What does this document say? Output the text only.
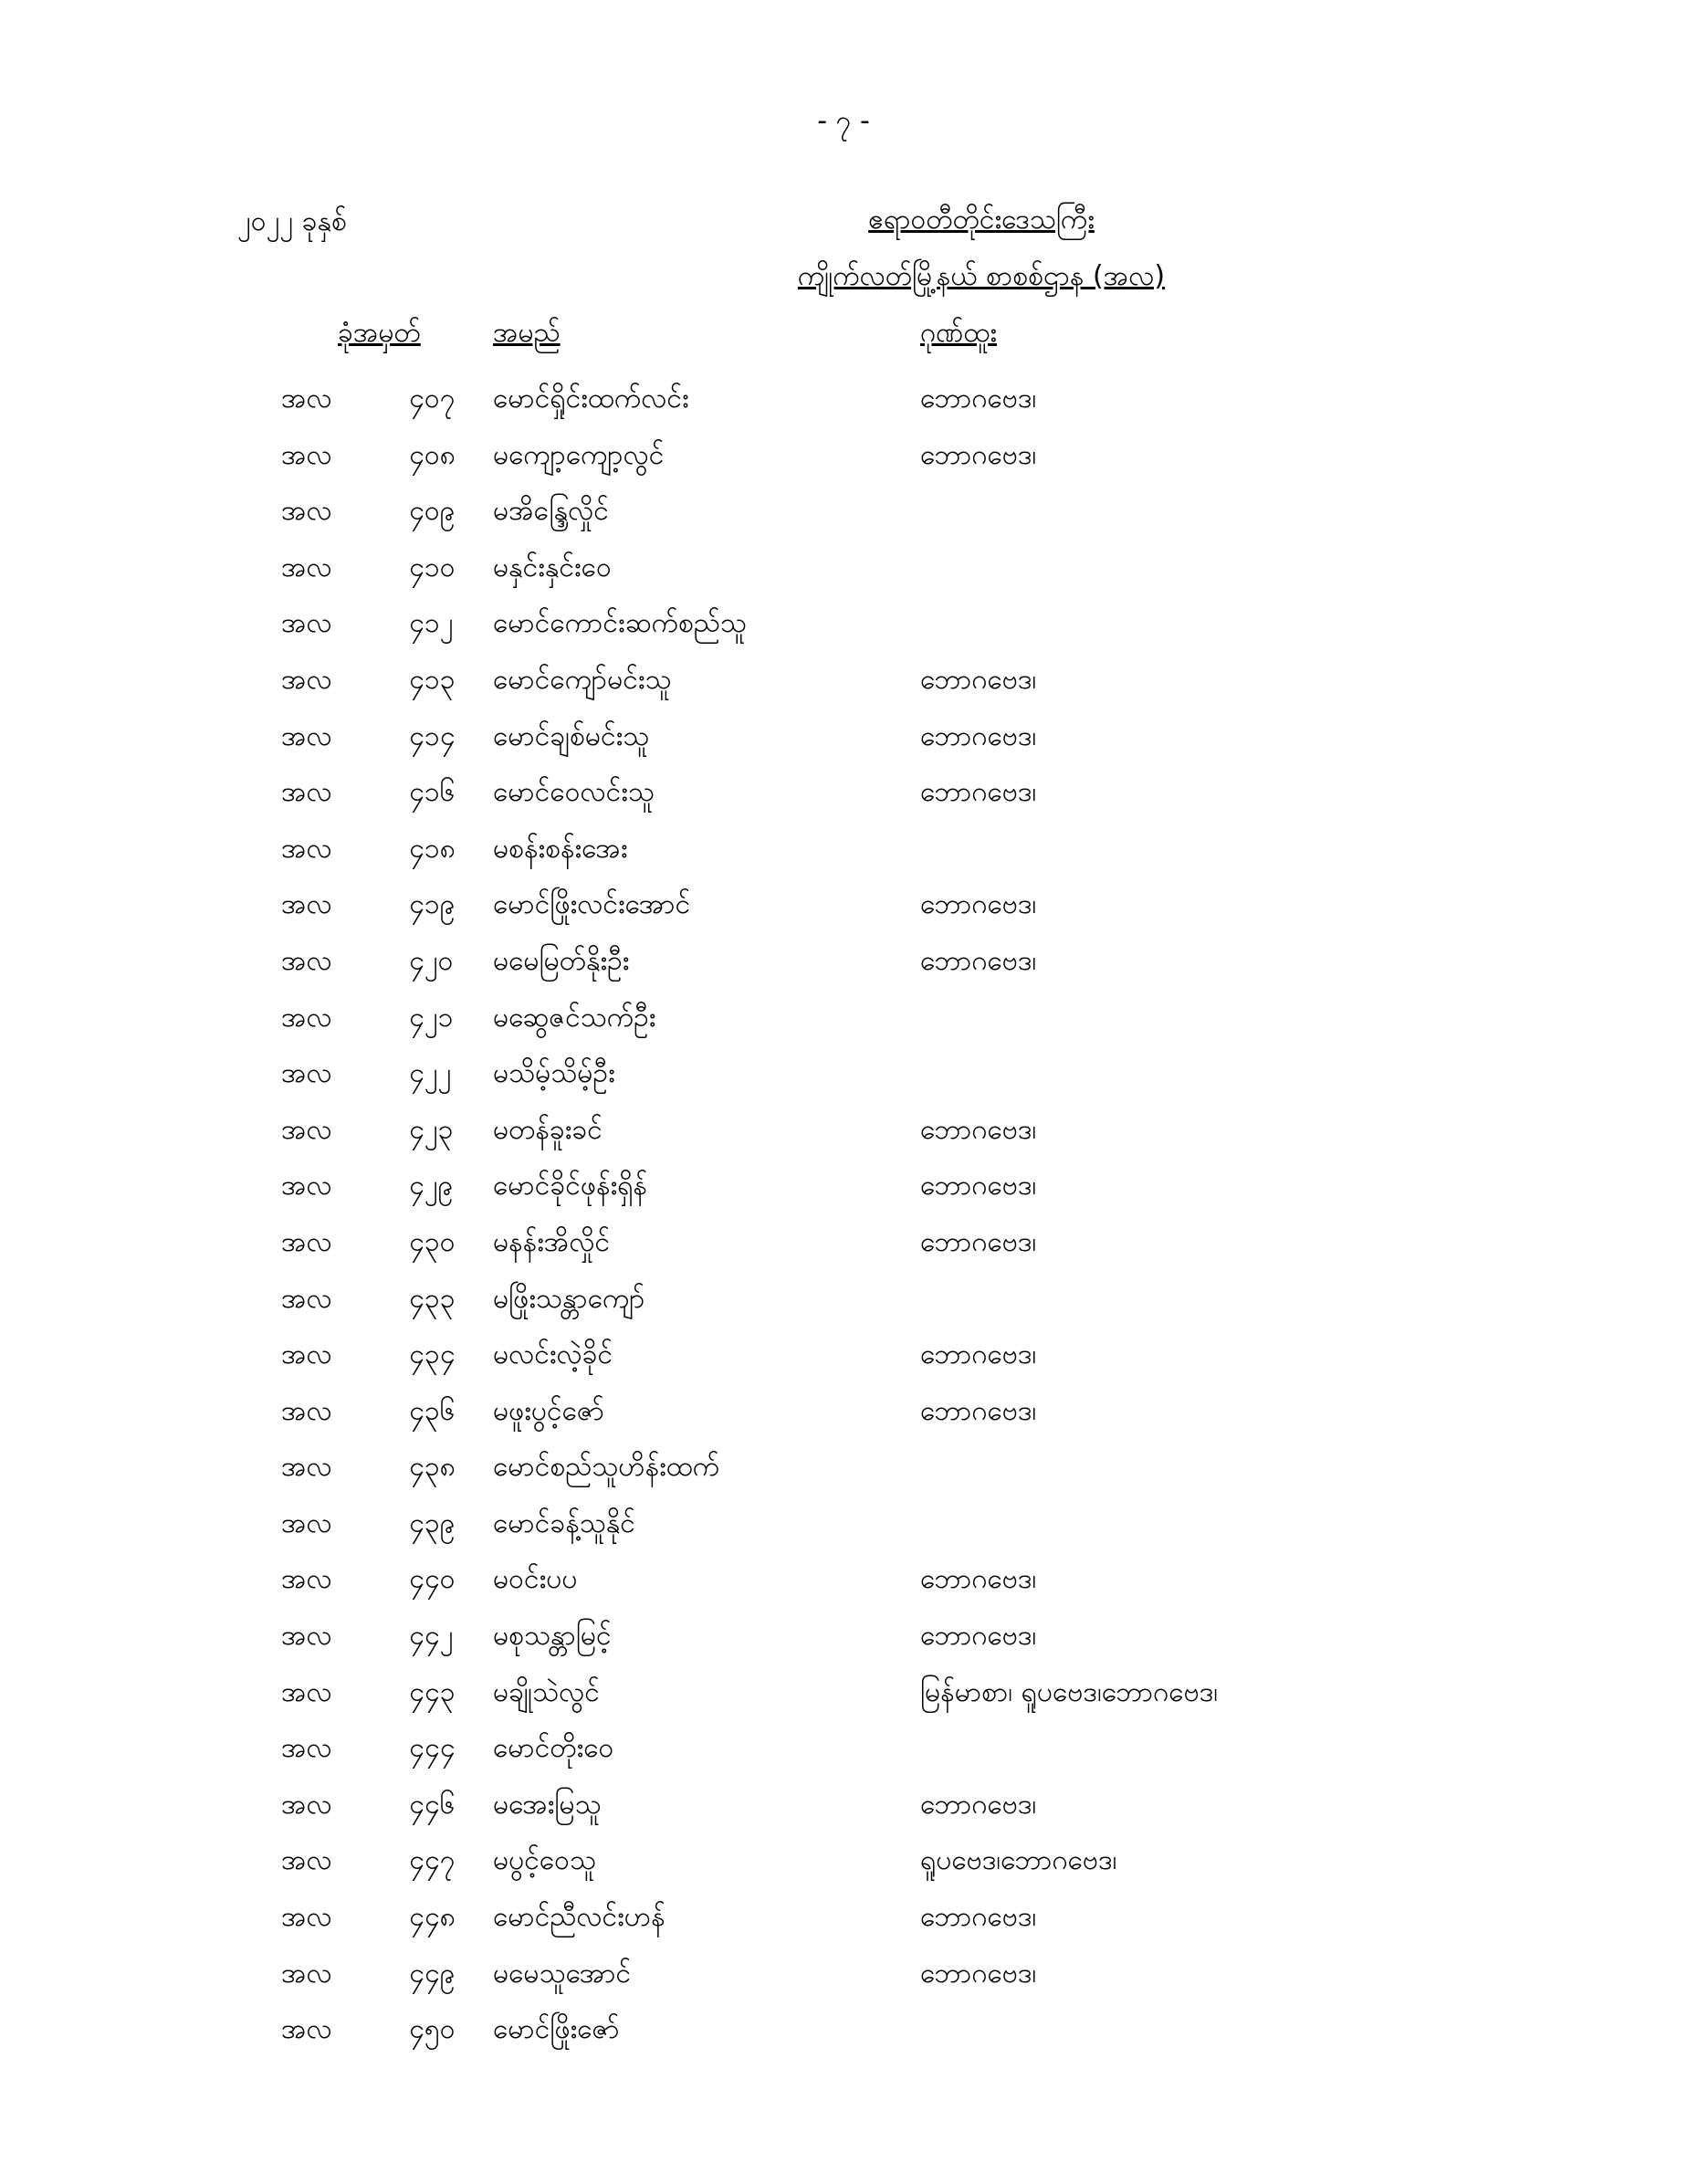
- ၇ -
၂၀၂၂ ခုနှစ်	ဧရာဝတီတိုင်းဒေသကြီး
ကျိုက်လတ်မြို့နယ် စာစစ်ဌာန (အလ)
ခုံအမှတ်	အမည်	ဂုဏ်ထူး
အလ	၄၀၇ မောင်ရှိုင်းထက်လင်း	ဘောဂဗေဒ၊
အလ	၄၀၈ မကျော့ကျော့လွင်	ဘောဂဗေဒ၊
အလ	၄၀၉ မအိန္ဒြေလှိုင်
အလ	၄၁၀ မနှင်းနှင်းဝေ
အလ	၄၁၂ မောင်ကောင်းဆက်စည်သူ
အလ	၄၁၃ မောင်ကျော်မင်းသူ	ဘောဂဗေဒ၊
အလ	၄၁၄ မောင်ချစ်မင်းသူ	ဘောဂဗေဒ၊
အလ	၄၁၆ မောင်ဝေလင်းသူ	ဘောဂဗေဒ၊
အလ	၄၁၈ မစန်းစန်းအေး
အလ	၄၁၉ မောင်ဖြိုးလင်းအောင်	ဘောဂဗေဒ၊
အလ	၄၂၀ မမေမြတ်နိုးဦး	ဘောဂဗေဒ၊
အလ	၄၂၁ မဆွေဇင်သက်ဦး
အလ	၄၂၂ မသိမ့်သိမ့်ဦး
အလ	၄၂၃ မတန်ခူးခင်	ဘောဂဗေဒ၊
အလ	၄၂၉ မောင်ခိုင်ဖုန်းရှိန်	ဘောဂဗေဒ၊
အလ	၄၃၀ မနန်းအိလှိုင်	ဘောဂဗေဒ၊
အလ	၄၃၃ မဖြိုးသန္တာကျော်
အလ	၄၃၄ မလင်းလဲ့ခိုင်	ဘောဂဗေဒ၊
အလ	၄၃၆ မဖူးပွင့်ဇော်	ဘောဂဗေဒ၊
အလ	၄၃၈ မောင်စည်သူဟိန်းထက်
အလ	၄၃၉ မောင်ခန့်သူနိုင်
အလ	၄၄၀ မဝင်းပပ	ဘောဂဗေဒ၊
အလ	၄၄၂ မစုသန္တာမြင့်	ဘောဂဗေဒ၊
အလ	၄၄၃ မချိုသဲလွင်	မြန်မာစာ၊ ရူပဗေဒ၊ဘောဂဗေဒ၊
အလ	၄၄၄ မောင်တိုးဝေ
အလ	၄၄၆ မအေးမြသူ	ဘောဂဗေဒ၊
အလ	၄၄၇ မပွင့်ဝေသူ	ရူပဗေဒ၊ဘောဂဗေဒ၊
အလ	၄၄၈ မောင်ညီလင်းဟန်	ဘောဂဗေဒ၊
အလ	၄၄၉ မမေသူအောင်	ဘောဂဗေဒ၊
အလ	၄၅၀ မောင်ဖြိုးဇော်
